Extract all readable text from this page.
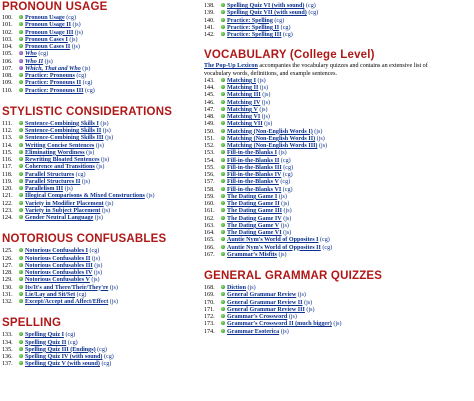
PRONOUN USAGE
100. Pronoun Usage (cg)
101. Pronoun Usage II (js)
102. Pronoun Usage III (js)
103. Pronoun Cases I (js)
104. Pronoun Cases II (js)
105. Who (cg)
106. Who II (js)
107. Which, That and Who (js)
108. Practice: Pronouns (cg)
109. Practice: Pronouns II (cg)
110. Practice: Pronouns III (cg)
STYLISTIC CONSIDERATIONS
111. Sentence-Combining Skills I (js)
112. Sentence-Combining Skills II (js)
113. Sentence-Combining Skills III (js)
114. Writing Concise Sentences (js)
115. Eliminating Wordiness (js)
116. Rewriting Bloated Sentences (js)
117. Coherence and Transitions (js)
118. Parallel Structures (cg)
119. Parallel Structures II (js)
120. Parallelism III (js)
121. Illogical Comparisons & Mixed Constructions (js)
122. Variety in Modifier Placement (js)
123. Variety in Subject Placement (js)
124. Gender Neutral Language (js)
NOTORIOUS CONFUSABLES
125. Notorious Confusables I (cg)
126. Notorious Confusables II (js)
127. Notorious Confusables III (js)
128. Notorious Confusables IV (js)
129. Notorious Confusables V (js)
130. Its/It's and There/Their/They're (js)
131. Lie/Lay and Sit/Set (cg)
132. Except/Accept and Affect/Effect (js)
SPELLING
133. Spelling Quiz I (cg)
134. Spelling Quiz II (cg)
135. Spelling Quiz III (Endings) (cg)
136. Spelling Quiz IV (with sound) (cg)
137. Spelling Quiz V (with sound) (cg)
138. Spelling Quiz VI (with sound) (cg)
139. Spelling Quiz VII (with sound) (cg)
140. Practice: Spelling (cg)
141. Practice: Spelling II (cg)
142. Practice: Spelling III (cg)
VOCABULARY (College Level)

The Pop-Up Lexicon accompanies the vocabulary quizzes and contains an extensive list of vocabulary words, definitions, and example sentences.

143. Matching I (js)
144. Matching II (js)
145. Matching III (js)
146. Matching IV (js)
147. Matching V (js)
148. Matching VI (js)
149. Matching VII (js)
150. Matching (Non-English Words I) (js)
151. Matching (Non-English Words II) (js)
152. Matching (Non-English Words III) (js)
153. Fill-in-the-Blanks I (js)
154. Fill-in-the-Blanks II (cg)
155. Fill-in-the-Blanks III (cg)
156. Fill-in-the-Blanks IV (cg)
157. Fill-in-the-Blanks V (cg)
158. Fill-in-the-Blanks VI (cg)
159. The Dating Game I (js)
160. The Dating Game II (js)
161. The Dating Game III (js)
162. The Dating Game IV (js)
163. The Dating Game V (js)
164. The Dating Game VI (js)
165. Auntie Nym's World of Opposites I (cg)
166. Auntie Nym's World of Opposites II (cg)
167. Grammar's Misfits (js)
GENERAL GRAMMAR QUIZZES
168. Diction (js)
169. General Grammar Review (js)
170. General Grammar Review II (js)
171. General Grammar Review III (js)
172. Grammar's Crossword (js)
173. Grammar's Crossword II (much bigger) (js)
174. Grammar Esoterica (js)
